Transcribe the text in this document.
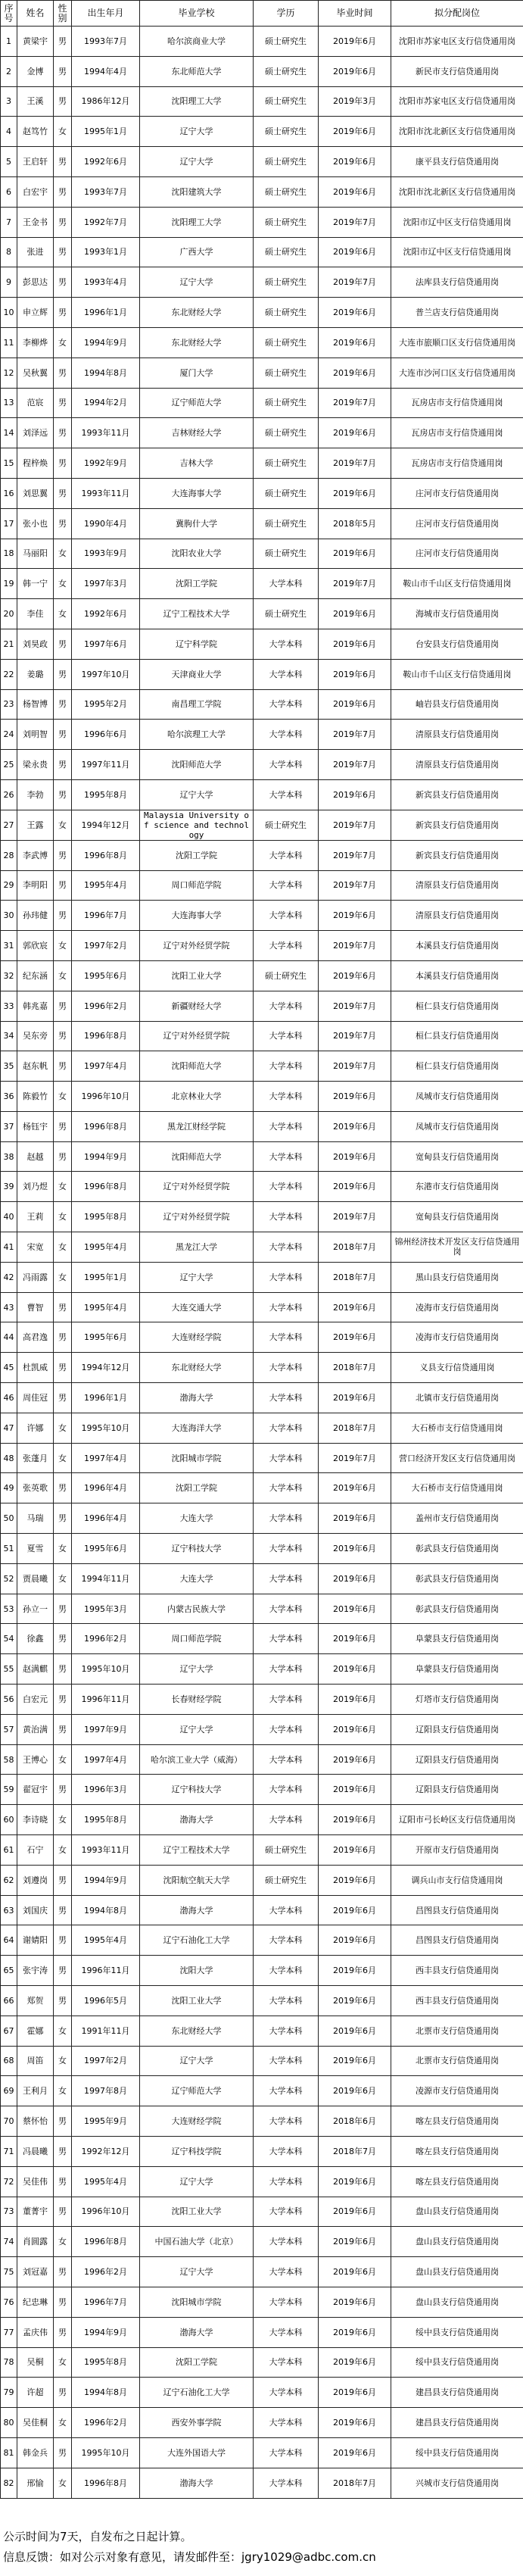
序号	姓名	性别	出生年月	毕业学校	学历	毕业时间	拟分配岗位
1	黄梁宇	男	1993年7月	哈尔滨商业大学	硕士研究生	2019年6月	沈阳市苏家屯区支行信贷通用岗
2	金博	男	1994年4月	东北师范大学	硕士研究生	2019年6月	新民市支行信贷通用岗
3	王溪	男	1986年12月	沈阳理工大学	硕士研究生	2019年3月	沈阳市苏家屯区支行信贷通用岗
4	赵笃竹	女	1995年1月	辽宁大学	硕士研究生	2019年6月	沈阳市沈北新区支行信贷通用岗
5	王启轩	男	1992年6月	辽宁大学	硕士研究生	2019年6月	康平县支行信贷通用岗
6	白宏宇	男	1993年7月	沈阳建筑大学	硕士研究生	2019年6月	沈阳市沈北新区支行信贷通用岗
7	王金书	男	1992年7月	沈阳理工大学	硕士研究生	2019年7月	沈阳市辽中区支行信贷通用岗
8	张进	男	1993年1月	广西大学	硕士研究生	2019年6月	沈阳市辽中区支行信贷通用岗
9	彭思达	男	1993年4月	辽宁大学	硕士研究生	2019年7月	法库县支行信贷通用岗
10	申立辉	男	1996年1月	东北财经大学	硕士研究生	2019年6月	普兰店支行信贷通用岗
11	李柳烨	女	1994年9月	东北财经大学	硕士研究生	2019年6月	大连市旅顺口区支行信贷通用岗
12	吴秋翼	男	1994年8月	厦门大学	硕士研究生	2019年6月	大连市沙河口区支行信贷通用岗
13	范宸	男	1994年2月	辽宁师范大学	硕士研究生	2019年7月	瓦房店市支行信贷通用岗
14	刘泽远	男	1993年11月	吉林财经大学	硕士研究生	2019年6月	瓦房店市支行信贷通用岗
15	程梓焕	男	1992年9月	吉林大学	硕士研究生	2019年7月	瓦房店市支行信贷通用岗
16	刘思翼	男	1993年11月	大连海事大学	硕士研究生	2019年6月	庄河市支行信贷通用岗
17	张小也	男	1990年4月	冀朐什大学	硕士研究生	2018年5月	庄河市支行信贷通用岗
18	马丽阳	女	1993年9月	沈阳农业大学	硕士研究生	2019年6月	庄河市支行信贷通用岗
19	韩一宁	女	1997年3月	沈阳工学院	大学本科	2019年7月	鞍山市千山区支行信贷通用岗
20	李佳	女	1992年6月	辽宁工程技术大学	硕士研究生	2019年6月	海城市支行信贷通用岗
21	刘昊政	男	1997年6月	辽宁科学院	大学本科	2019年6月	台安县支行信贷通用岗
22	姜璐	男	1997年10月	天津商业大学	大学本科	2019年6月	鞍山市千山区支行信贷通用岗
23	杨智博	男	1995年2月	南昌理工学院	大学本科	2019年6月	岫岩县支行信贷通用岗
24	刘明智	男	1996年6月	哈尔滨理工大学	大学本科	2019年7月	清原县支行信贷通用岗
25	梁永贵	男	1997年11月	沈阳师范大学	大学本科	2019年7月	清原县支行信贷通用岗
26	李勃	男	1995年8月	辽宁大学	大学本科	2019年6月	新宾县支行信贷通用岗
27	王露	女	1994年12月	Malaysia University of science and technology	硕士研究生	2019年7月	新宾县支行信贷通用岗
28	李武博	男	1996年8月	沈阳工学院	大学本科	2019年7月	新宾县支行信贷通用岗
29	李明阳	男	1995年4月	周口师范学院	大学本科	2019年7月	清原县支行信贷通用岗
30	孙玮健	男	1996年7月	大连海事大学	大学本科	2019年6月	清原县支行信贷通用岗
31	郭欣宸	女	1997年2月	辽宁对外经贸学院	大学本科	2019年7月	本溪县支行信贷通用岗
32	纪东涵	女	1995年6月	沈阳工业大学	硕士研究生	2019年6月	本溪县支行信贷通用岗
33	韩兆嘉	男	1996年2月	新疆财经大学	大学本科	2019年7月	桓仁县支行信贷通用岗
34	吴东旁	男	1996年8月	辽宁对外经贸学院	大学本科	2019年7月	桓仁县支行信贷通用岗
35	赵东帆	男	1997年4月	沈阳师范大学	大学本科	2019年7月	桓仁县支行信贷通用岗
36	陈毅竹	女	1996年10月	北京林业大学	大学本科	2019年6月	凤城市支行信贷通用岗
37	杨钰宇	男	1996年8月	黑龙江财经学院	大学本科	2019年6月	凤城市支行信贷通用岗
38	赵越	男	1994年9月	沈阳师范大学	大学本科	2019年6月	宽甸县支行信贷通用岗
39	刘乃煜	女	1996年8月	辽宁对外经贸学院	大学本科	2019年6月	东港市支行信贷通用岗
40	王莉	女	1995年8月	辽宁对外经贸学院	大学本科	2019年7月	宽甸县支行信贷通用岗
41	宋宽	女	1995年4月	黑龙江大学	大学本科	2018年7月	锦州经济技术开发区支行信贷通用岗
42	冯雨露	女	1995年1月	辽宁大学	大学本科	2018年7月	黑山县支行信贷通用岗
43	曹智	男	1995年4月	大连交通大学	大学本科	2019年6月	凌海市支行信贷通用岗
44	高君逸	男	1995年6月	大连财经学院	大学本科	2019年6月	凌海市支行信贷通用岗
45	杜凯威	男	1994年12月	东北财经大学	大学本科	2018年7月	义县支行信贷通用岗
46	周佳冠	男	1996年1月	渤海大学	大学本科	2019年6月	北镇市支行信贷通用岗
47	许娜	女	1995年10月	大连海洋大学	大学本科	2018年7月	大石桥市支行信贷通用岗
48	张蓬月	女	1997年4月	沈阳城市学院	大学本科	2019年7月	营口经济开发区支行信贷通用岗
49	张英歌	男	1996年4月	沈阳工学院	大学本科	2019年6月	大石桥市支行信贷通用岗
50	马瑞	男	1996年4月	大连大学	大学本科	2019年6月	盖州市支行信贷通用岗
51	夏雪	女	1995年6月	辽宁科技大学	大学本科	2019年6月	彰武县支行信贷通用岗
52	贾晨曦	女	1994年11月	大连大学	大学本科	2019年6月	彰武县支行信贷通用岗
53	孙立一	男	1995年3月	内蒙古民族大学	大学本科	2019年6月	彰武县支行信贷通用岗
54	徐鑫	男	1996年2月	周口师范学院	大学本科	2019年6月	阜蒙县支行信贷通用岗
55	赵满麒	男	1995年10月	辽宁大学	大学本科	2019年6月	阜蒙县支行信贷通用岗
56	白宏元	男	1996年11月	长春财经学院	大学本科	2019年6月	灯塔市支行信贷通用岗
57	黄治满	男	1997年9月	辽宁大学	大学本科	2019年6月	辽阳县支行信贷通用岗
58	王博心	女	1997年4月	哈尔滨工业大学（威海）	大学本科	2019年6月	辽阳县支行信贷通用岗
59	翟冠宇	男	1996年3月	辽宁科技大学	大学本科	2019年6月	辽阳县支行信贷通用岗
60	李诗晓	女	1995年8月	渤海大学	大学本科	2019年6月	辽阳市弓长岭区支行信贷通用岗
61	石宁	女	1993年11月	辽宁工程技术大学	硕士研究生	2019年6月	开原市支行信贷通用岗
62	刘遵岗	男	1994年9月	沈阳航空航天大学	硕士研究生	2019年6月	调兵山市支行信贷通用岗
63	刘国庆	男	1994年8月	渤海大学	大学本科	2019年6月	昌图县支行信贷通用岗
64	谢婧阳	男	1995年4月	辽宁石油化工大学	大学本科	2019年6月	昌图县支行信贷通用岗
65	张宇涛	男	1996年11月	沈阳大学	大学本科	2019年6月	西丰县支行信贷通用岗
66	郑贺	男	1996年5月	沈阳工业大学	大学本科	2019年6月	西丰县支行信贷通用岗
67	霍娜	女	1991年11月	东北财经大学	大学本科	2019年6月	北票市支行信贷通用岗
68	周笛	女	1997年2月	辽宁大学	大学本科	2019年6月	北票市支行信贷通用岗
69	王利月	女	1997年8月	辽宁师范大学	大学本科	2019年6月	凌源市支行信贷通用岗
70	蔡怀怡	男	1995年9月	大连财经学院	大学本科	2018年6月	喀左县支行信贷通用岗
71	冯晨曦	男	1992年12月	辽宁科技学院	大学本科	2018年7月	喀左县支行信贷通用岗
72	吴佳伟	男	1995年4月	辽宁大学	大学本科	2019年6月	喀左县支行信贷通用岗
73	董菁宇	男	1996年10月	沈阳工业大学	大学本科	2019年6月	盘山县支行信贷通用岗
74	肖圆露	女	1996年8月	中国石油大学（北京）	大学本科	2019年6月	盘山县支行信贷通用岗
75	刘冠嘉	男	1996年2月	辽宁大学	大学本科	2019年6月	盘山县支行信贷通用岗
76	纪忠琳	男	1996年7月	沈阳城市学院	大学本科	2019年6月	盘山县支行信贷通用岗
77	孟庆伟	男	1994年9月	渤海大学	大学本科	2019年6月	绥中县支行信贷通用岗
78	吴桐	女	1995年8月	沈阳工学院	大学本科	2019年6月	绥中县支行信贷通用岗
79	许超	男	1994年8月	辽宁石油化工大学	大学本科	2019年6月	建昌县支行信贷通用岗
80	吴佳桐	女	1996年2月	西安外事学院	大学本科	2019年6月	建昌县支行信贷通用岗
81	韩金兵	男	1995年10月	大连外国语大学	大学本科	2019年6月	绥中县支行信贷通用岗
82	邢愉	女	1996年8月	渤海大学	大学本科	2018年7月	兴城市支行信贷通用岗
公示时间为7天，自发布之日起计算。
信息反馈：如对公示对象有意见，请发邮件至：jgry1029@adbc.com.cn
